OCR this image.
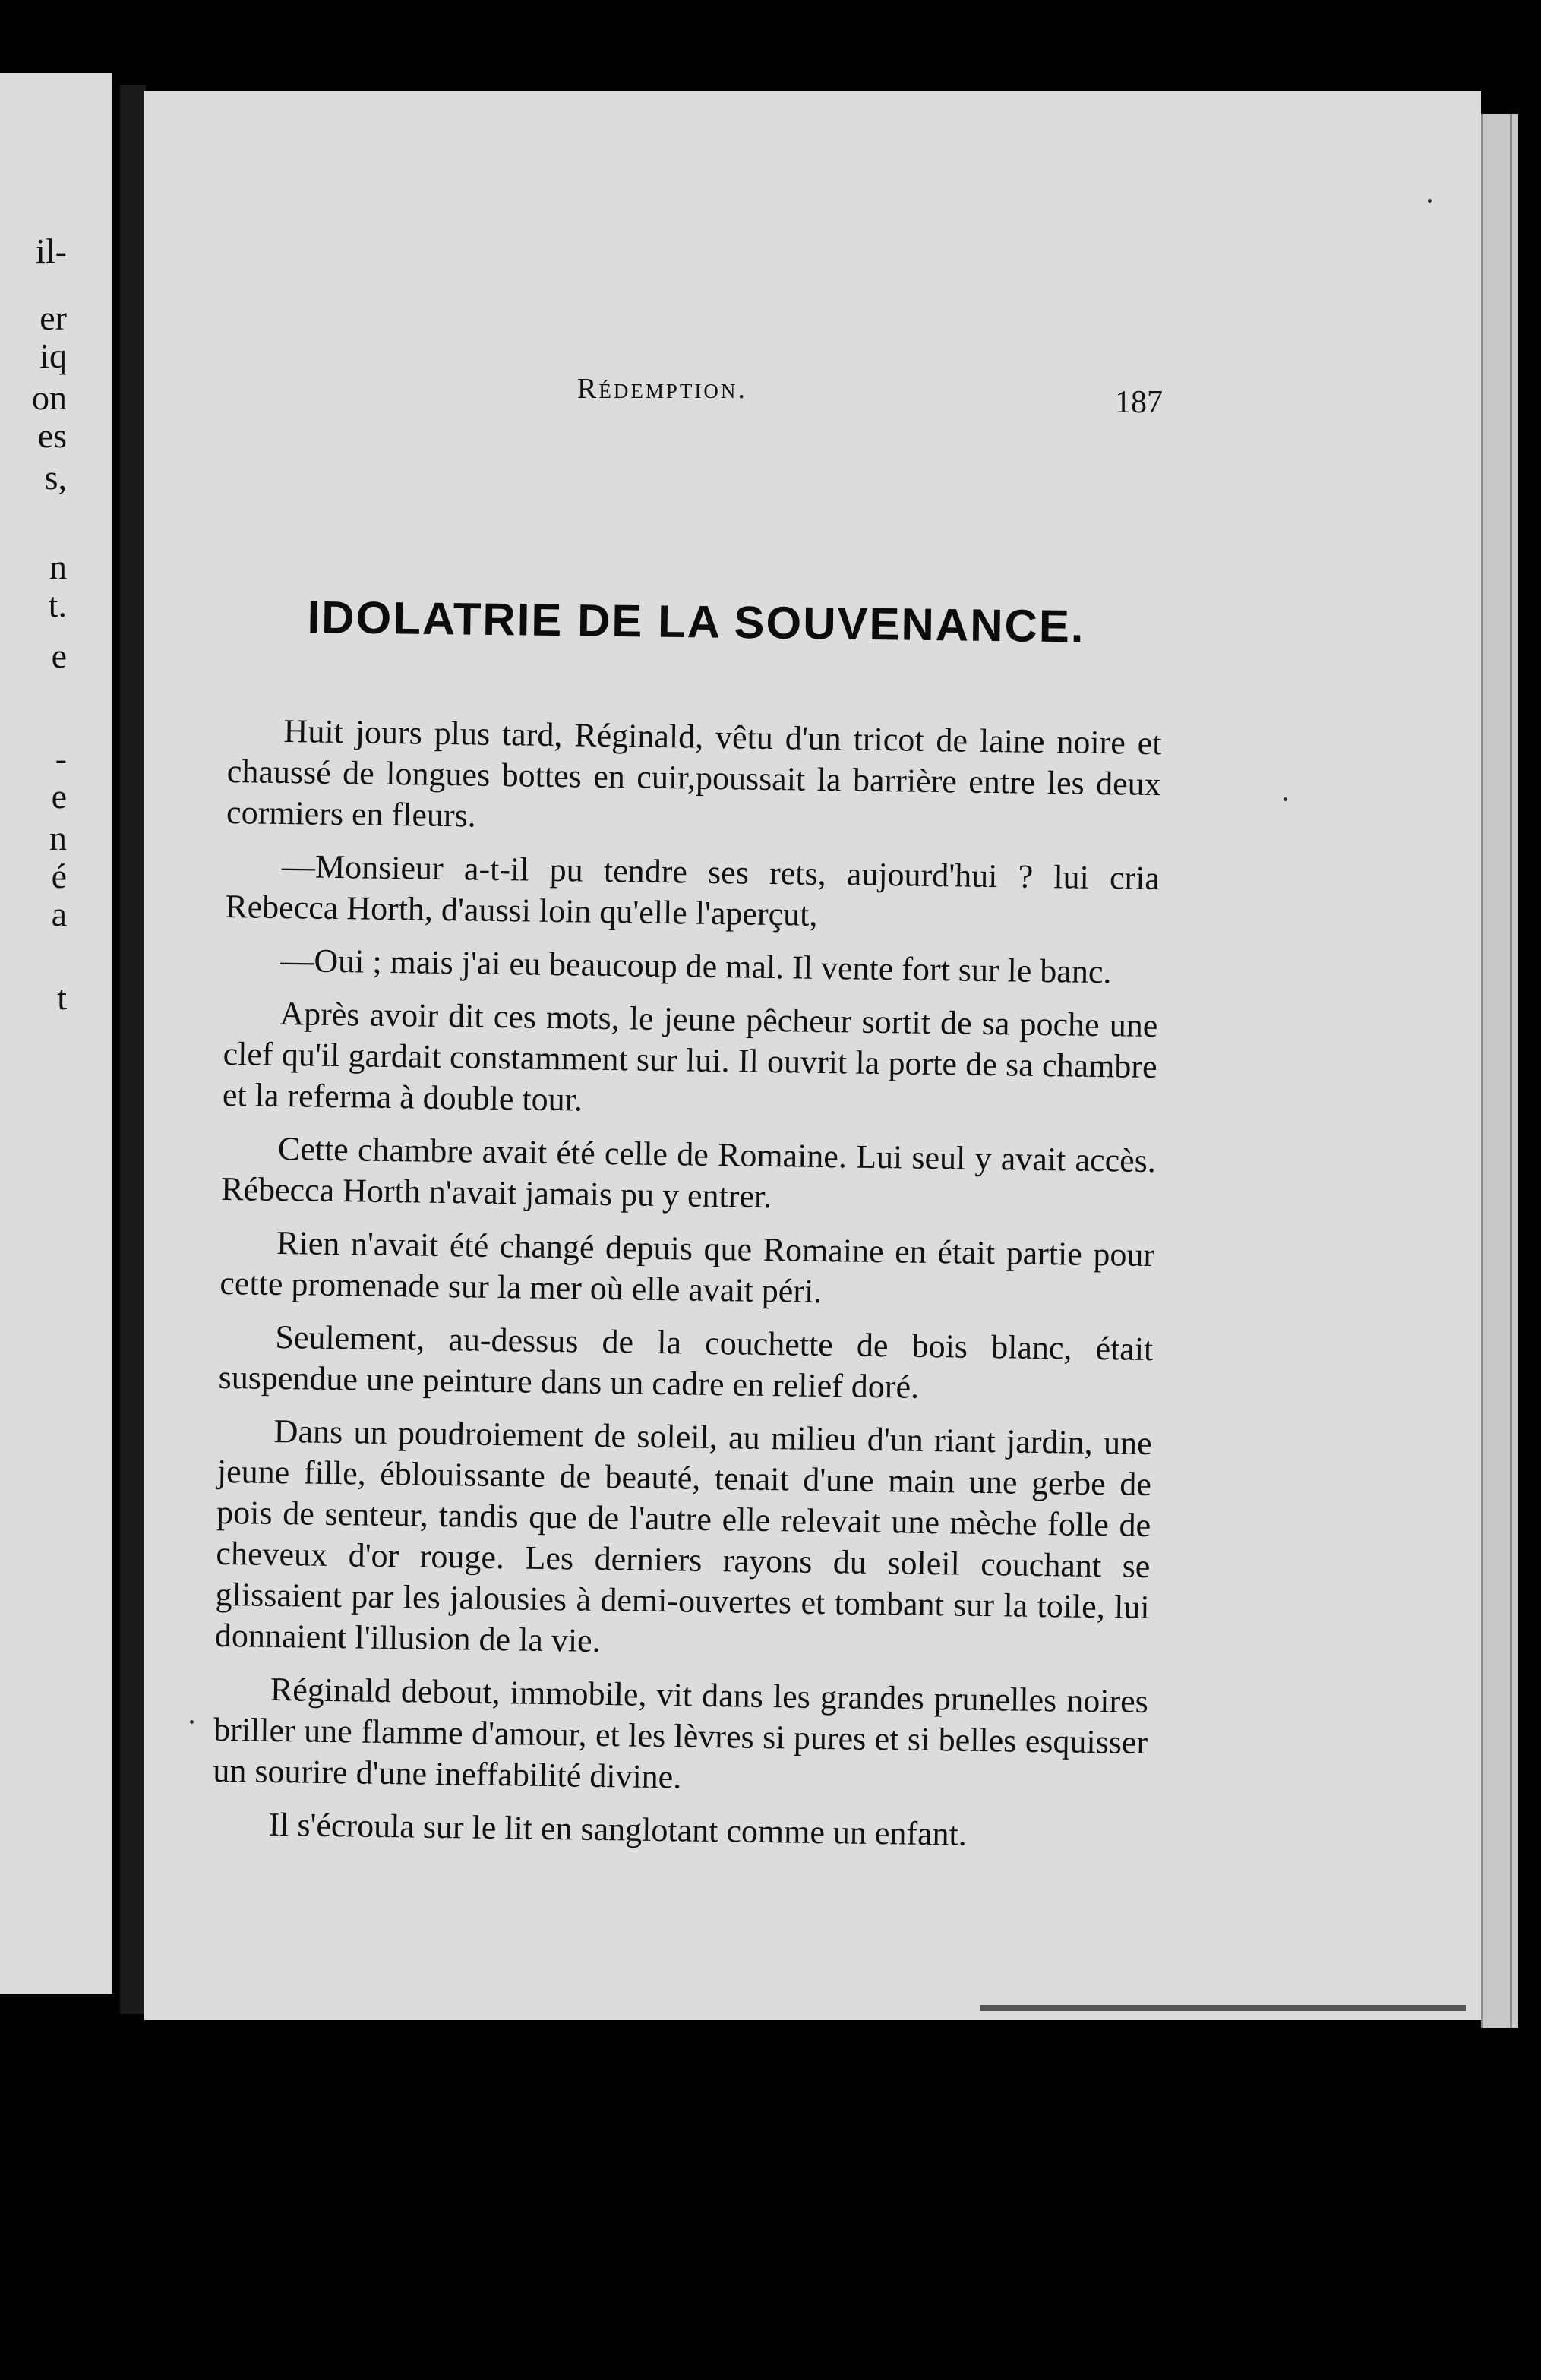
il-
er
iq
on
es
s,
n
t.
e
-
e
n
é
a
t
Rédemption.	187
IDOLATRIE DE LA SOUVENANCE.

Huit jours plus tard, Réginald, vêtu d'un tricot de laine noire et chaussé de longues bottes en cuir,poussait la barrière entre les deux cormiers en fleurs.

—Monsieur a-t-il pu tendre ses rets, aujourd'hui ? lui cria Rebecca Horth, d'aussi loin qu'elle l'aperçut,

—Oui ; mais j'ai eu beaucoup de mal. Il vente fort sur le banc.

Après avoir dit ces mots, le jeune pêcheur sortit de sa poche une clef qu'il gardait constamment sur lui. Il ouvrit la porte de sa chambre et la referma à double tour.

Cette chambre avait été celle de Romaine. Lui seul y avait accès. Rébecca Horth n'avait jamais pu y entrer.

Rien n'avait été changé depuis que Romaine en était partie pour cette promenade sur la mer où elle avait péri.

Seulement, au-dessus de la couchette de bois blanc, était suspendue une peinture dans un cadre en relief doré.

Dans un poudroiement de soleil, au milieu d'un riant jardin, une jeune fille, éblouissante de beauté, tenait d'une main une gerbe de pois de senteur, tandis que de l'autre elle relevait une mèche folle de cheveux d'or rouge. Les derniers rayons du soleil couchant se glissaient par les jalousies à demi-ouvertes et tombant sur la toile, lui donnaient l'illusion de la vie.

Réginald debout, immobile, vit dans les grandes prunelles noires briller une flamme d'amour, et les lèvres si pures et si belles esquisser un sourire d'une ineffabilité divine.

Il s'écroula sur le lit en sanglotant comme un enfant.
